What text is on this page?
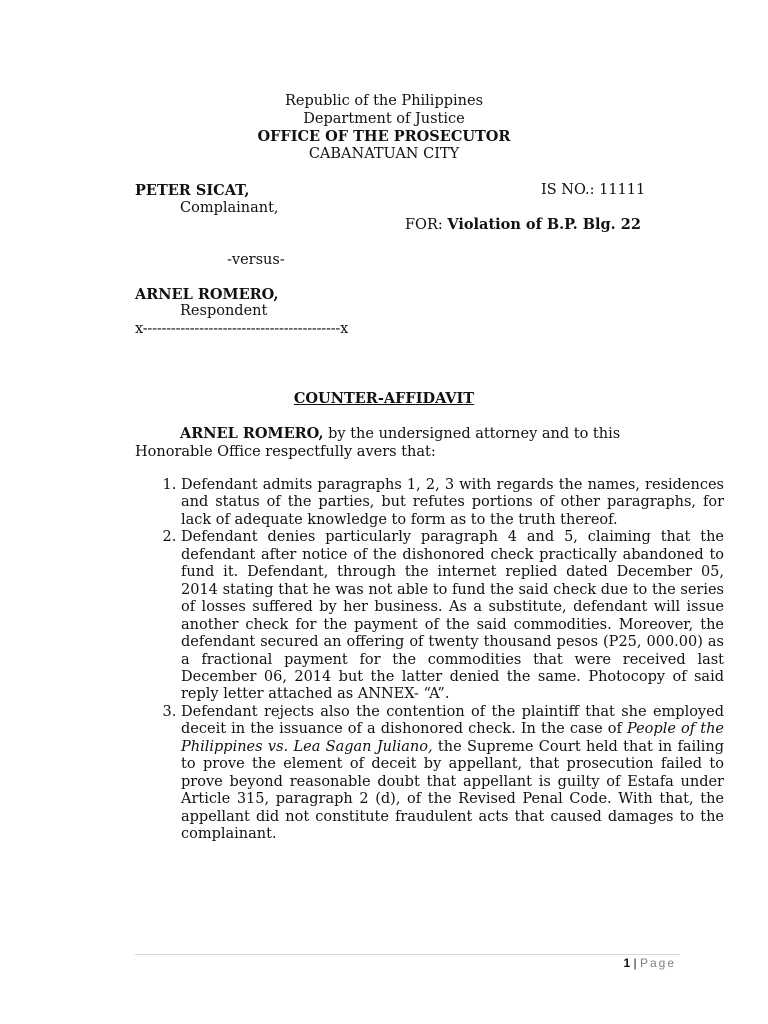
Republic of the Philippines
Department of Justice
OFFICE OF THE PROSECUTOR
CABANATUAN CITY
PETER SICAT,
Complainant,
IS NO.: 11111
FOR: Violation of B.P. Blg. 22
-versus-
ARNEL ROMERO,
Respondent
x------------------------------------------x
COUNTER-AFFIDAVIT
ARNEL ROMERO, by the undersigned attorney and to this Honorable Office respectfully avers that:
1. Defendant admits paragraphs 1, 2, 3 with regards the names, residences and status of the parties, but refutes portions of other paragraphs, for lack of adequate knowledge to form as to the truth thereof.
2. Defendant denies particularly paragraph 4 and 5, claiming that the defendant after notice of the dishonored check practically abandoned to fund it. Defendant, through the internet replied dated December 05, 2014 stating that he was not able to fund the said check due to the series of losses suffered by her business. As a substitute, defendant will issue another check for the payment of the said commodities. Moreover, the defendant secured an offering of twenty thousand pesos (P25, 000.00) as a fractional payment for the commodities that were received last December 06, 2014 but the latter denied the same. Photocopy of said reply letter attached as ANNEX- “A”.
3. Defendant rejects also the contention of the plaintiff that she employed deceit in the issuance of a dishonored check. In the case of People of the Philippines vs. Lea Sagan Juliano, the Supreme Court held that in failing to prove the element of deceit by appellant, that prosecution failed to prove beyond reasonable doubt that appellant is guilty of Estafa under Article 315, paragraph 2 (d), of the Revised Penal Code. With that, the appellant did not constitute fraudulent acts that caused damages to the complainant.
1 | Page
